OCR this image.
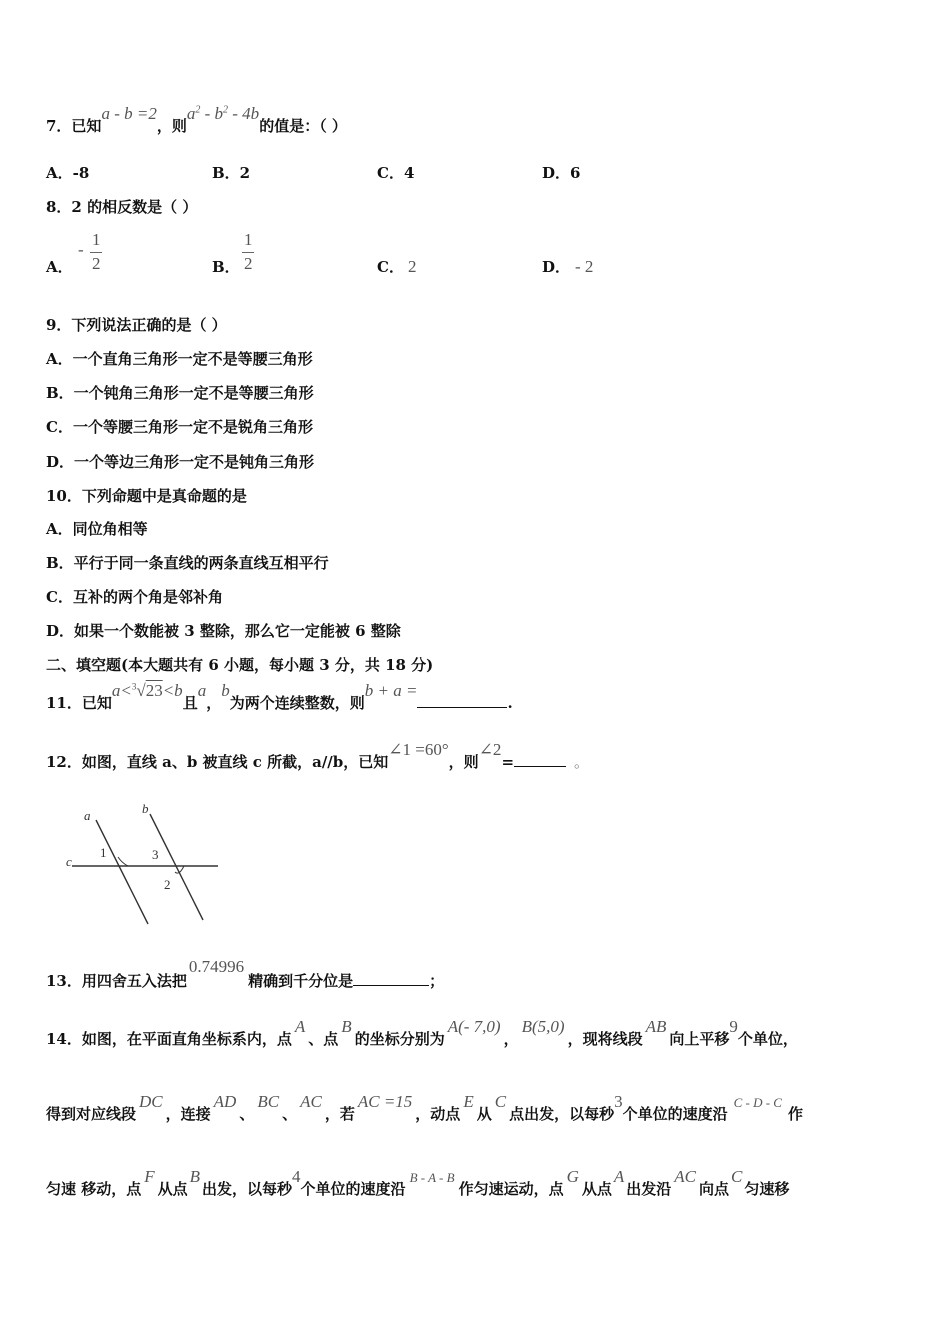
7．已知a - b =2，则$a^2 - b^2 - 4b$的值是：（ ）
A．-8	B．2	C．4	D．6
8．2 的相反数是（ ）
A．
-
1
2	B．
1
2	C． 2	D． - 2
9．下列说法正确的是（ ）
A．一个直角三角形一定不是等腰三角形
B．一个钝角三角形一定不是等腰三角形
C．一个等腰三角形一定不是锐角三角形
D．一个等边三角形一定不是钝角三角形
10．下列命题中是真命题的是
A．同位角相等
B．平行于同一条直线的两条直线互相平行
C．互补的两个角是邻补角
D．如果一个数能被 3 整除，那么它一定能被 6 整除
二、填空题(本大题共有 6 小题，每小题 3 分，共 18 分)
11．已知a<$^3$√23<b且a，b为两个连续整数，则b + a =.
12．如图，直线 a、b 被直线 c 所截，a//b，已知∠1 =60°，则∠2=	。
a	b
c
1	3
2
13．用四舍五入法把0.74996精确到千分位是	；
14．如图，在平面直角坐标系内，点A、点B的坐标分别为A(- 7,0)，B(5,0)，现将线段AB向上平移9个单位，
得到对应线段DC，连接AD、BC、AC，若AC =15，动点E从C点出发，以每秒3个单位的速度沿C - D - C作
匀速 移动，点F从点B出发，以每秒4个单位的速度沿B - A - B作匀速运动，点G从点A出发沿AC向点C匀速移
